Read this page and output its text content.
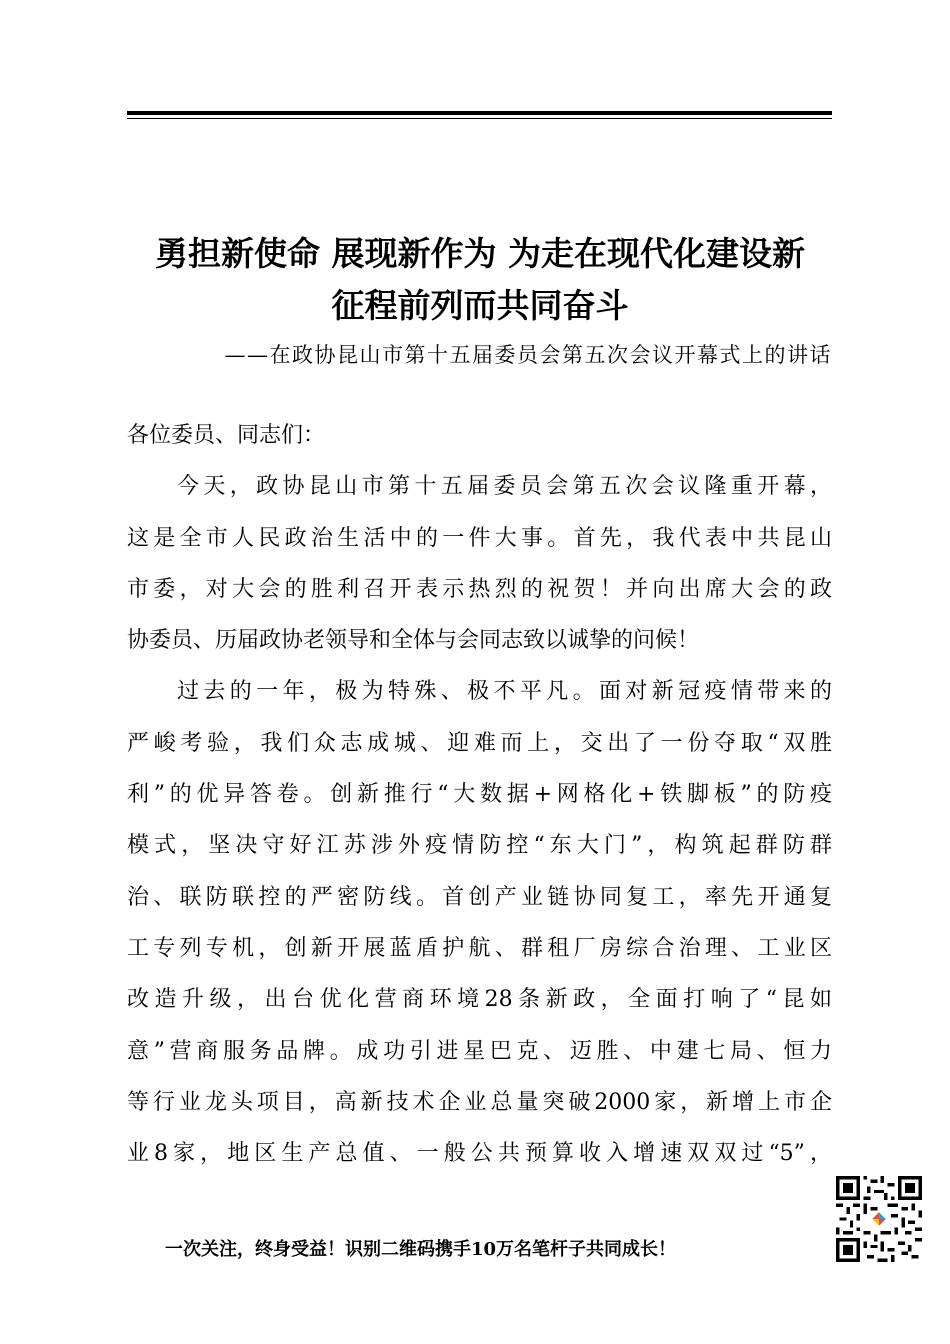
勇担新使命 展现新作为 为走在现代化建设新
征程前列而共同奋斗
——在政协昆山市第十五届委员会第五次会议开幕式上的讲话
各位委员、同志们：
今天，政协昆山市第十五届委员会第五次会议隆重开幕，
这是全市人民政治生活中的一件大事。首先，我代表中共昆山
市委，对大会的胜利召开表示热烈的祝贺！并向出席大会的政
协委员、历届政协老领导和全体与会同志致以诚挚的问候！
过去的一年，极为特殊、极不平凡。面对新冠疫情带来的
严峻考验，我们众志成城、迎难而上，交出了一份夺取“双胜
利”的优异答卷。创新推行“大数据+网格化+铁脚板”的防疫
模式，坚决守好江苏涉外疫情防控“东大门”，构筑起群防群
治、联防联控的严密防线。首创产业链协同复工，率先开通复
工专列专机，创新开展蓝盾护航、群租厂房综合治理、工业区
改造升级，出台优化营商环境28条新政，全面打响了“昆如
意”营商服务品牌。成功引进星巴克、迈胜、中建七局、恒力
等行业龙头项目，高新技术企业总量突破2000家，新增上市企
业8家，地区生产总值、一般公共预算收入增速双双过“5”，
一次关注，终身受益！识别二维码携手10万名笔杆子共同成长！
